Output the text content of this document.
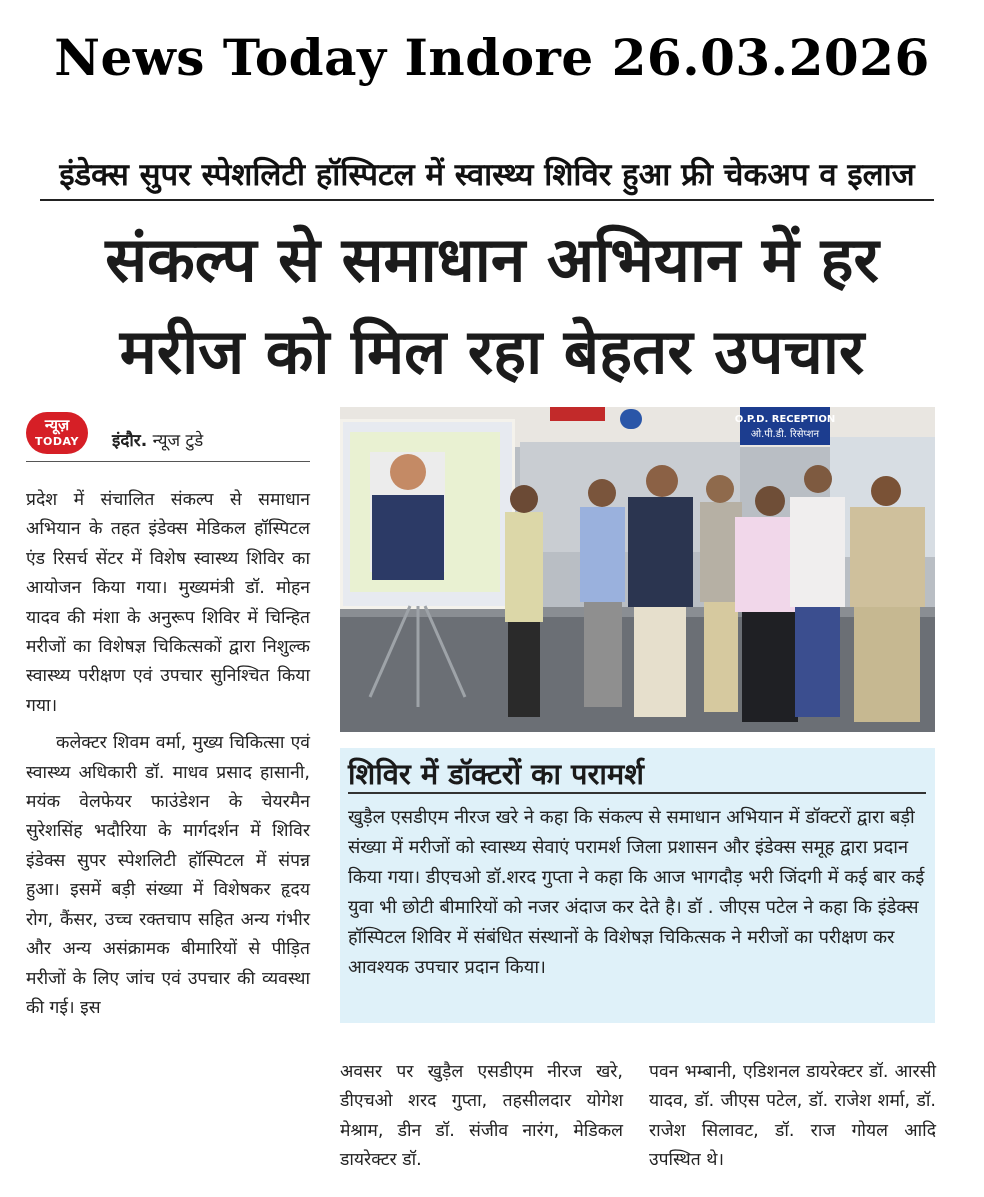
News Today Indore 26.03.2026
इंडेक्स सुपर स्पेशलिटी हॉस्पिटल में स्वास्थ्य शिविर हुआ फ्री चेकअप व इलाज
संकल्प से समाधान अभियान में हर
मरीज को मिल रहा बेहतर उपचार
न्यूज़
TODAY	इंदौर. न्यूज टुडे

प्रदेश में संचालित संकल्प से समाधान अभियान के तहत इंडेक्स मेडिकल हॉस्पिटल एंड रिसर्च सेंटर में विशेष स्वास्थ्य शिविर का आयोजन किया गया। मुख्यमंत्री डॉ. मोहन यादव की मंशा के अनुरूप शिविर में चिन्हित मरीजों का विशेषज्ञ चिकित्सकों द्वारा निशुल्क स्वास्थ्य परीक्षण एवं उपचार सुनिश्चित किया गया।

कलेक्टर शिवम वर्मा, मुख्य चिकित्सा एवं स्वास्थ्य अधिकारी डॉ. माधव प्रसाद हासानी, मयंक वेलफेयर फाउंडेशन के चेयरमैन सुरेशसिंह भदौरिया के मार्गदर्शन में शिविर इंडेक्स सुपर स्पेशलिटी हॉस्पिटल में संपन्न हुआ। इसमें बड़ी संख्या में विशेषकर हृदय रोग, कैंसर, उच्च रक्तचाप सहित अन्य गंभीर और अन्य असंक्रामक बीमारियों से पीड़ित मरीजों के लिए जांच एवं उपचार की व्यवस्था की गई। इस

O.P.D. RECEPTION
ओ.पी.डी. रिसेप्शन
शिविर में डॉक्टरों का परामर्श
खुड़ैल एसडीएम नीरज खरे ने कहा कि संकल्प से समाधान अभियान में डॉक्टरों द्वारा बड़ी संख्या में मरीजों को स्वास्थ्य सेवाएं परामर्श जिला प्रशासन और इंडेक्स समूह द्वारा प्रदान किया गया। डीएचओ डॉ.शरद गुप्ता ने कहा कि आज भागदौड़ भरी जिंदगी में कई बार कई युवा भी छोटी बीमारियों को नजर अंदाज कर देते है। डॉ . जीएस पटेल ने कहा कि इंडेक्स हॉस्पिटल शिविर में संबंधित संस्थानों के विशेषज्ञ चिकित्सक ने मरीजों का परीक्षण कर आवश्यक उपचार प्रदान किया।
अवसर पर खुड़ैल एसडीएम नीरज खरे, डीएचओ शरद गुप्ता, तहसीलदार योगेश मेश्राम, डीन डॉ. संजीव नारंग, मेडिकल डायरेक्टर डॉ.
पवन भम्बानी, एडिशनल डायरेक्टर डॉ. आरसी यादव, डॉ. जीएस पटेल, डॉ. राजेश शर्मा, डॉ. राजेश सिलावट, डॉ. राज गोयल आदि उपस्थित थे।
